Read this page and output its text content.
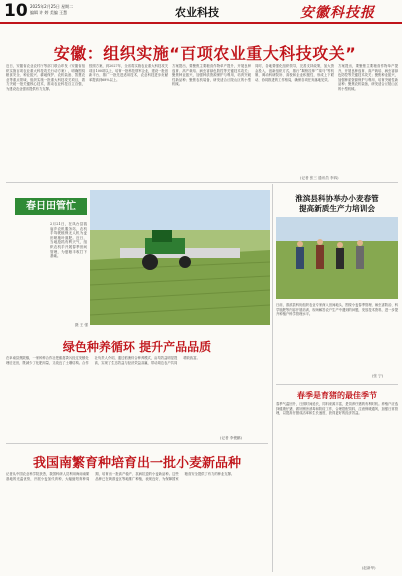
10 2025年2月25日 星期二
编辑 许 婷 美编 王慧	农业科技	安徽科技报
安徽：组织实施“百项农业重大科技攻关”
近日，安徽省农业农村厅等部门联合印发《安徽省组织实施百项农业重大科技攻关行动方案》，明确围绕粮食安全、种业振兴、耕地保护、农机装备、智慧农业等重点领域，组织实施一批重大科技攻关项目，着力突破一批关键核心技术，推动农业科技自立自强，为建设农业强省提供有力支撑。
按照方案，到2027年，全省将实施农业重大科技攻关项目100项以上，培育一批科技领军企业，建设一批创新平台，推广一批先进适用技术，农业科技进步贡献率提高到68%以上。
方案提出，要聚焦主要粮食作物单产提升，开展良种选育、高产栽培、病虫害绿色防控等关键技术攻关；聚焦种业振兴，加强种质资源保护与利用，培育突破性新品种；聚焦农机装备，研发适合丘陵山区的小型机械。
同时，各地要强化组织领导，完善支持政策，加大资金投入，创新组织方式，推行“揭榜挂帅”“赛马”等机制，调动科研院所、高校和企业积极性，形成上下联动、协同推进的工作格局，确保各项任务落地见效。
方案提出，要聚焦主要粮食作物单产提升，开展良种选育、高产栽培、病虫害绿色防控等关键技术攻关；聚焦种业振兴，加强种质资源保护与利用，培育突破性新品种；聚焦农机装备，研发适合丘陵山区的小型机械。
(记者 张三 通讯员 李四)
春日田管忙
2月21日，在凤台县钱庙乡农机服务站，农机手驾驶植保无人机为麦田喷施叶面肥。近日，当地抢抓有利天气，组织农机手开展春季田间管理，为夏粮丰收打下基础。
摄 王 强
绿色种养循环 提升产品品质
在阜南县焦陂镇，一家种养合作社把畜禽粪污经过发酵处理后还田，既减少了化肥用量，又改良了土壤结构。合作社负责人介绍，通过稻渔综合种养模式，亩均效益明显提高，实现了生态效益与经济效益双赢，带动周边农户共同增收致富。
(记者 李俊鹏)
我国南繁育种培育出一批小麦新品种
记者从中国农业科学院获悉，我国科研人员利用海南南繁基地的光温优势，开展小麦加代育种，大幅缩短育种周期，培育出一批高产稳产、抗病抗逆的小麦新品种。这些品种已在黄淮麦区等地推广种植，表现良好，为保障国家粮食安全提供了有力的种业支撑。
淮滨县科协举办小麦春管
提高新质生产力培训会
日前，淮滨县科协组织农业专家深入田间地头，围绕小麦春季管理、病虫害防治、科学施肥等内容开展培训，现场解答农户生产中遇到的问题，发放技术资料，进一步提升种植户科学管理水平。
(张 宁)
春季是育猪的最佳季节
春季气温回升，日照时间延长，饲料来源丰富，是饲养仔猪的有利时机。养殖户应选择健康仔猪，做好圈舍消毒和防疫工作，合理搭配饲料，注意保暖通风，加强日常管理，以提高仔猪成活率和生长速度，获得更好的经济效益。
(赵新华)
